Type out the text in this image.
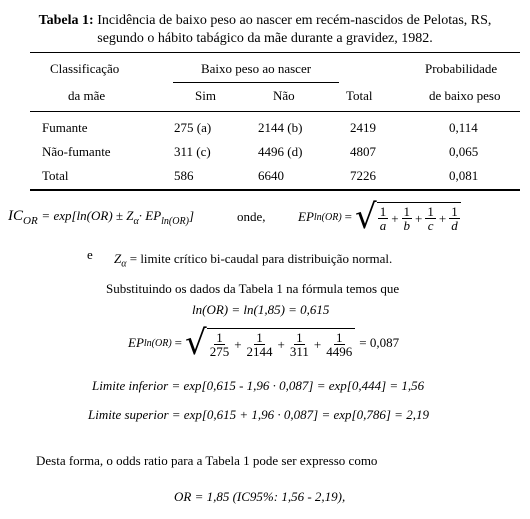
Tabela 1: Incidência de baixo peso ao nascer em recém-nascidos de Pelotas, RS,
segundo o hábito tabágico da mãe durante a gravidez, 1982.
Classificação
da mãe
Baixo peso ao nascer
Sim	Não	Total
Probabilidade
de baixo peso
Fumante	275 (a)	2144 (b)	2419	0,114
Não-fumante	311 (c)	4496 (d)	4807	0,065
Total	586	6640	7226	0,081
$IC_{OR} = \exp[\ln(OR) \pm Z_\alpha\cdot EP_{ln(OR)}]$	onde, EP ln(OR) = √ $\frac{1}{a} + \frac{1}{b} + \frac{1}{c} + \frac{1}{d}$
e $Z_\alpha$ = limite crítico bi-caudal para distribuição normal.
Substituindo os dados da Tabela 1 na fórmula temos que
ln(OR) = ln(1,85) = 0,615
EP ln(OR) = √ $\frac{1}{275} + \frac{1}{2144} + \frac{1}{311} + \frac{1}{4496} = 0,087$
Limite inferior = exp[0,615 - 1,96 · 0,087] = exp[0,444] = 1,56
Limite superior = exp[0,615 + 1,96 · 0,087] = exp[0,786] = 2,19
Desta forma, o odds ratio para a Tabela 1 pode ser expresso como
OR = 1,85 (IC95%: 1,56 - 2,19),
